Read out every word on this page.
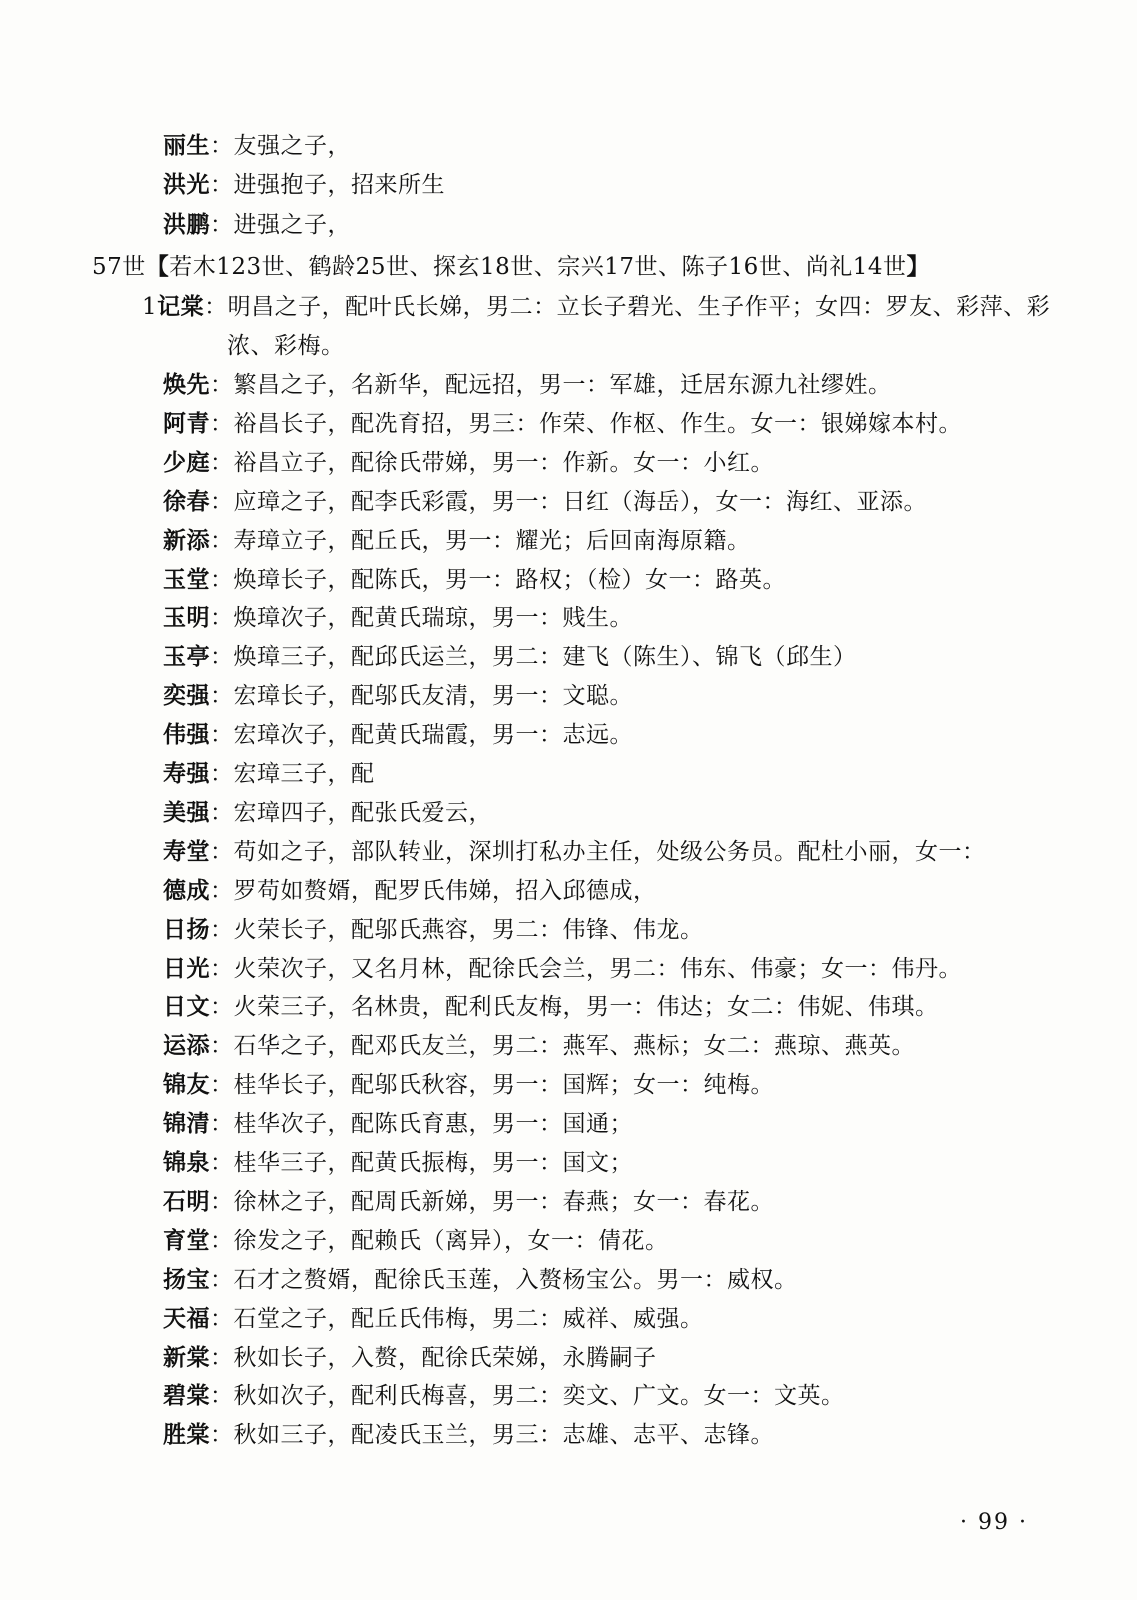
丽生：友强之子，
洪光：进强抱子，招来所生
洪鹏：进强之子，
57世【若木123世、鹤龄25世、探玄18世、宗兴17世、陈子16世、尚礼14世】
1记棠：明昌之子，配叶氏长娣，男二：立长子碧光、生子作平；女四：罗友、彩萍、彩
浓、彩梅。
焕先：繁昌之子，名新华，配远招，男一：军雄，迁居东源九社缪姓。
阿青：裕昌长子，配冼育招，男三：作荣、作枢、作生。女一：银娣嫁本村。
少庭：裕昌立子，配徐氏带娣，男一：作新。女一：小红。
徐春：应璋之子，配李氏彩霞，男一：日红（海岳），女一：海红、亚添。
新添：寿璋立子，配丘氏，男一：耀光；后回南海原籍。
玉堂：焕璋长子，配陈氏，男一：路权；（检）女一：路英。
玉明：焕璋次子，配黄氏瑞琼，男一：贱生。
玉亭：焕璋三子，配邱氏运兰，男二：建飞（陈生）、锦飞（邱生）
奕强：宏璋长子，配邬氏友清，男一：文聪。
伟强：宏璋次子，配黄氏瑞霞，男一：志远。
寿强：宏璋三子，配
美强：宏璋四子，配张氏爱云，
寿堂：苟如之子，部队转业，深圳打私办主任，处级公务员。配杜小丽，女一：
德成：罗苟如赘婿，配罗氏伟娣，招入邱德成，
日扬：火荣长子，配邬氏燕容，男二：伟锋、伟龙。
日光：火荣次子，又名月林，配徐氏会兰，男二：伟东、伟豪；女一：伟丹。
日文：火荣三子，名林贵，配利氏友梅，男一：伟达；女二：伟妮、伟琪。
运添：石华之子，配邓氏友兰，男二：燕军、燕标；女二：燕琼、燕英。
锦友：桂华长子，配邬氏秋容，男一：国辉；女一：纯梅。
锦清：桂华次子，配陈氏育惠，男一：国通；
锦泉：桂华三子，配黄氏振梅，男一：国文；
石明：徐林之子，配周氏新娣，男一：春燕；女一：春花。
育堂：徐发之子，配赖氏（离异），女一：倩花。
扬宝：石才之赘婿，配徐氏玉莲，入赘杨宝公。男一：威权。
天福：石堂之子，配丘氏伟梅，男二：威祥、威强。
新棠：秋如长子，入赘，配徐氏荣娣，永腾嗣子
碧棠：秋如次子，配利氏梅喜，男二：奕文、广文。女一：文英。
胜棠：秋如三子，配凌氏玉兰，男三：志雄、志平、志锋。
· 99 ·
